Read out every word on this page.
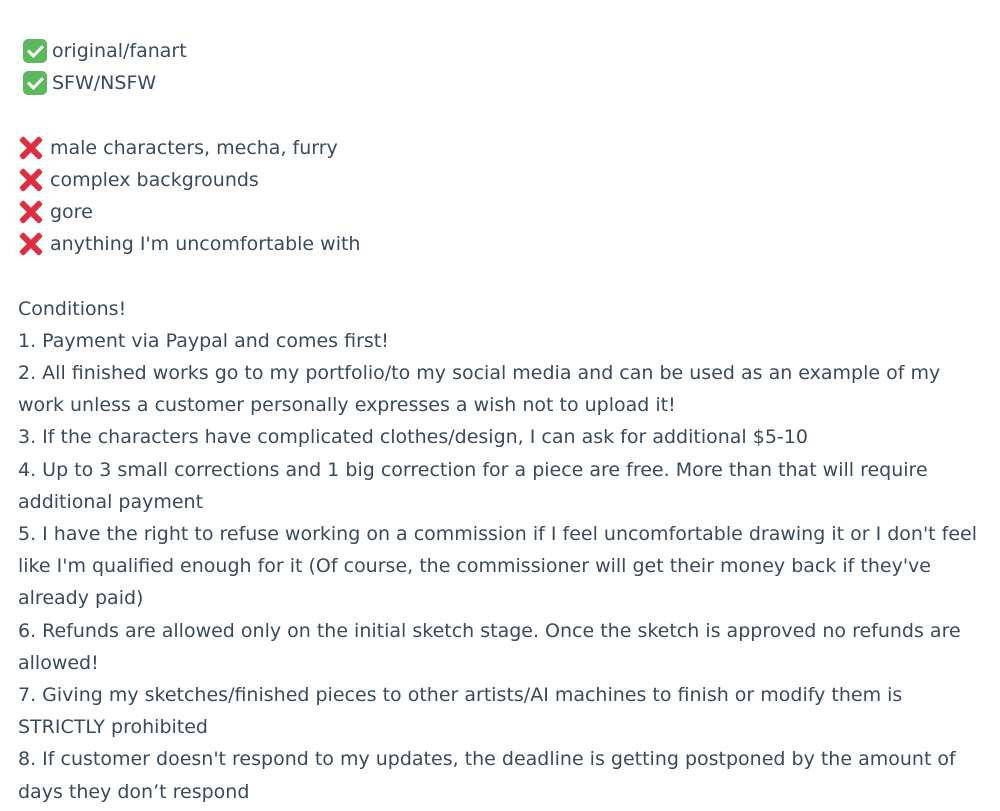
original/fanart
SFW/NSFW
male characters, mecha, furry
complex backgrounds
gore
anything I'm uncomfortable with
Conditions!
1. Payment via Paypal and comes first!
2. All finished works go to my portfolio/to my social media and can be used as an example of my work unless a customer personally expresses a wish not to upload it!
3. If the characters have complicated clothes/design, I can ask for additional $5-10
4. Up to 3 small corrections and 1 big correction for a piece are free. More than that will require additional payment
5. I have the right to refuse working on a commission if I feel uncomfortable drawing it or I don't feel like I'm qualified enough for it (Of course, the commissioner will get their money back if they've already paid)
6. Refunds are allowed only on the initial sketch stage. Once the sketch is approved no refunds are allowed!
7. Giving my sketches/finished pieces to other artists/AI machines to finish or modify them is STRICTLY prohibited
8. If customer doesn't respond to my updates, the deadline is getting postponed by the amount of days they don’t respond
